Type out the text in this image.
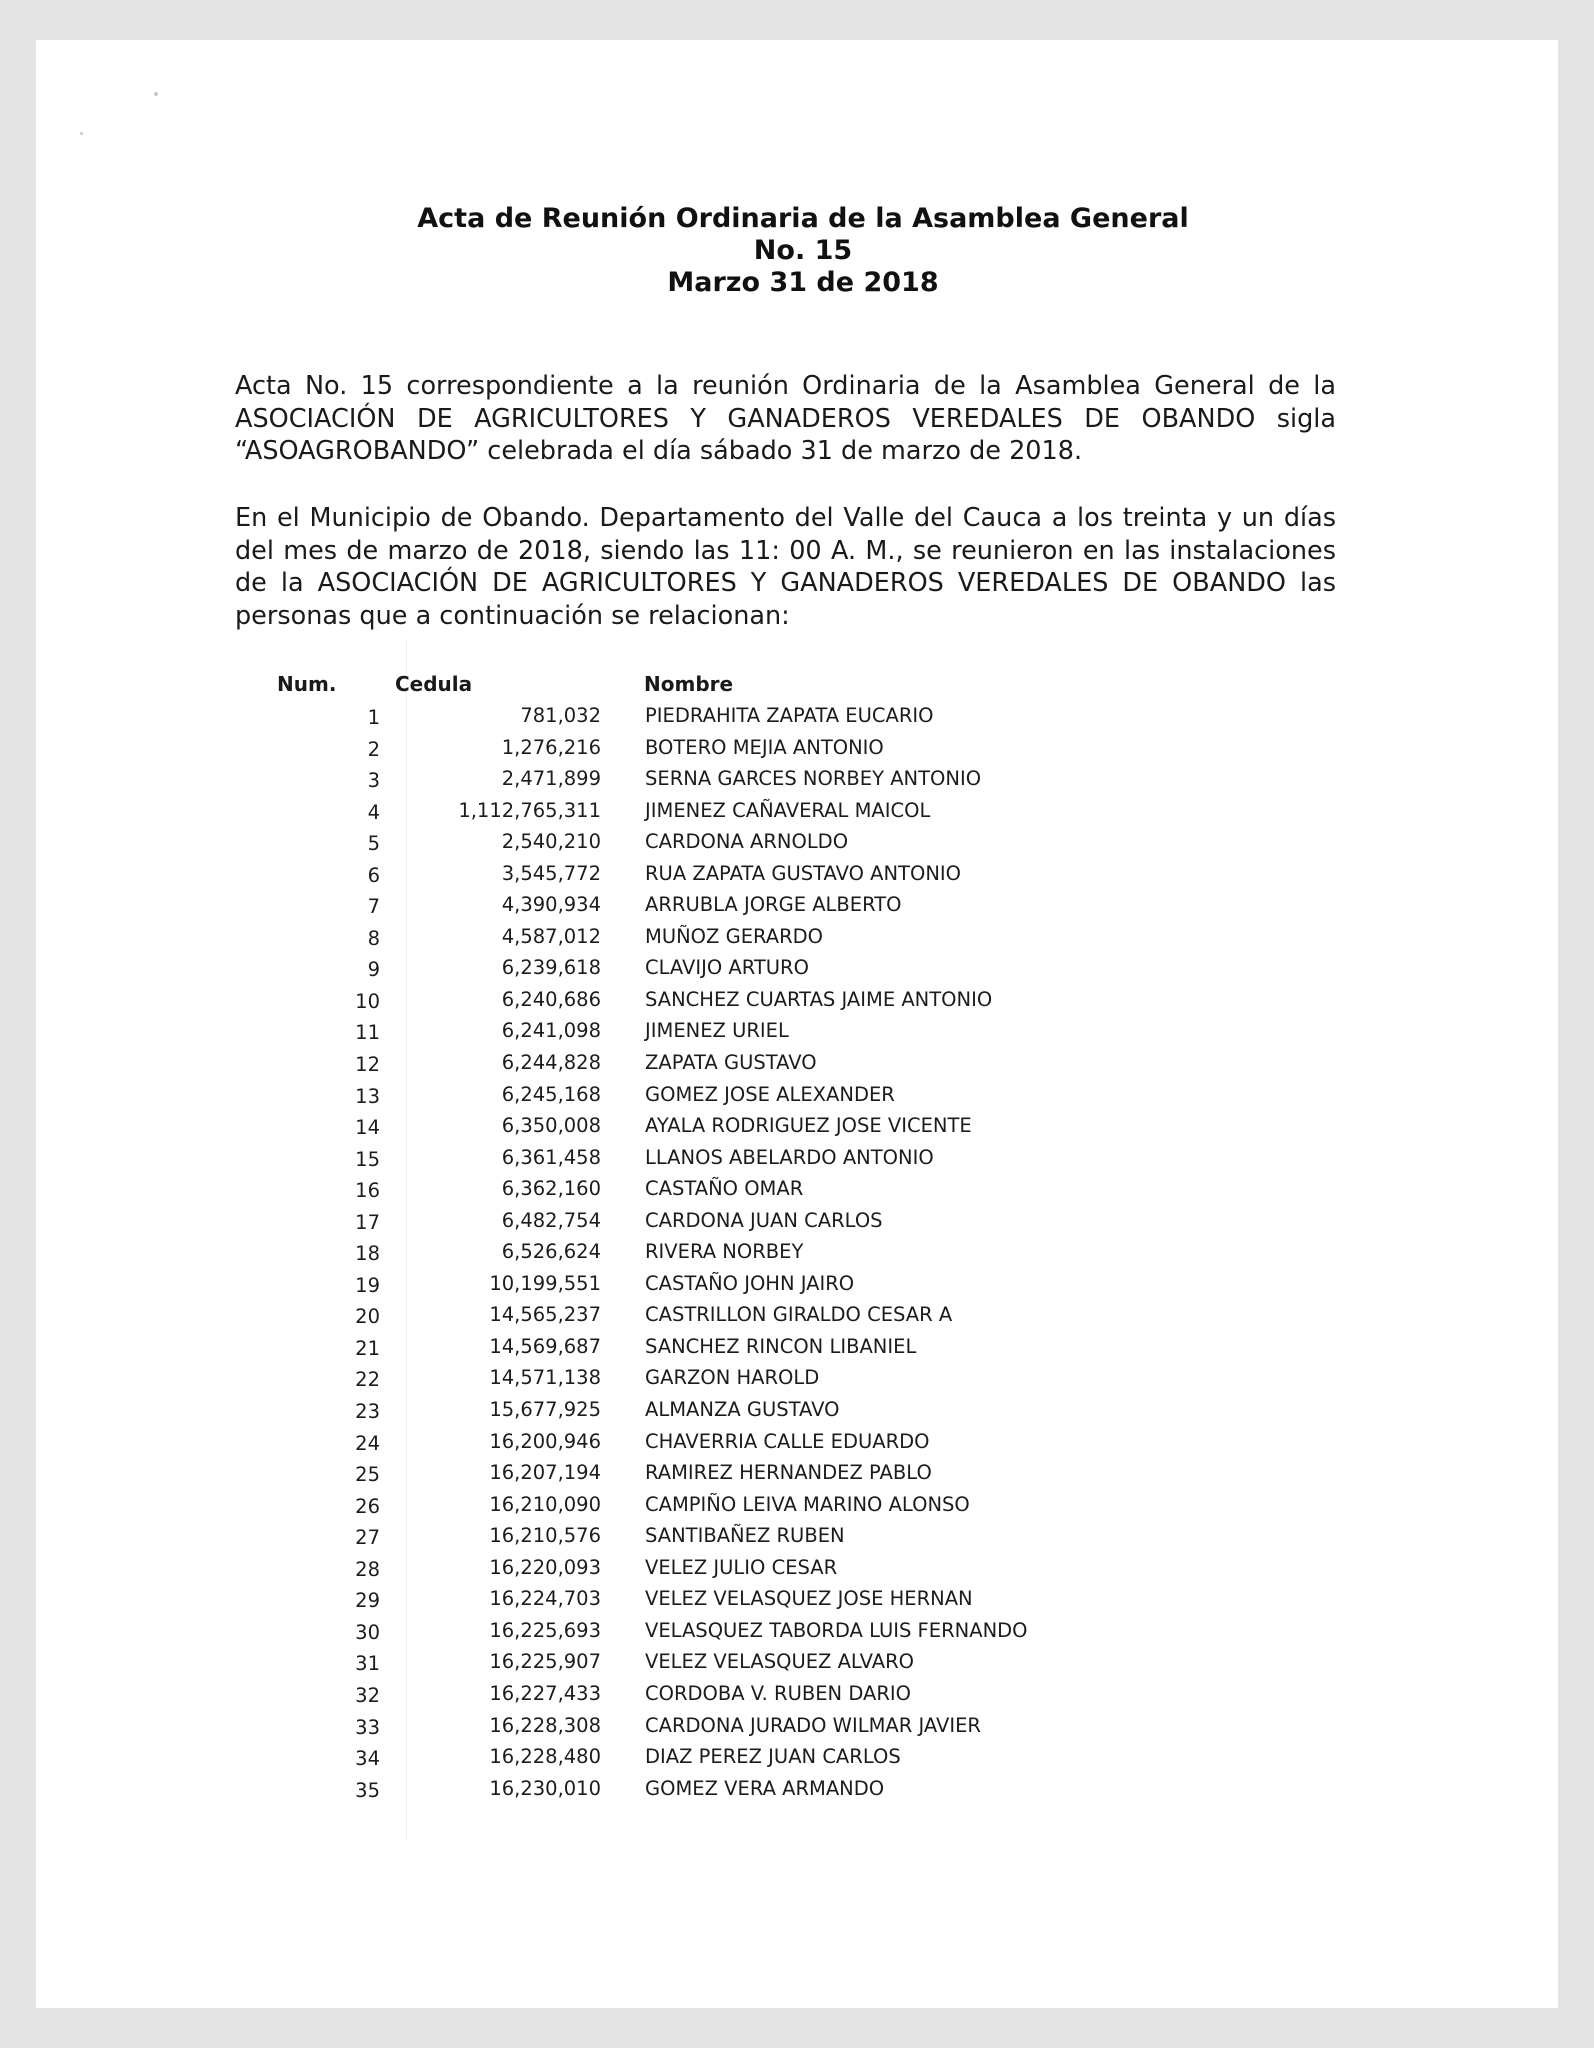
Acta de Reunión Ordinaria de la Asamblea General
No. 15
Marzo 31 de 2018
Acta No. 15 correspondiente a la reunión Ordinaria de la Asamblea General de la ASOCIACIÓN DE AGRICULTORES Y GANADEROS VEREDALES DE OBANDO sigla “ASOAGROBANDO” celebrada el día sábado 31 de marzo de 2018.
En el Municipio de Obando. Departamento del Valle del Cauca a los treinta y un días del mes de marzo de 2018, siendo las 11: 00 A. M., se reunieron en las instalaciones de la ASOCIACIÓN DE AGRICULTORES Y GANADEROS VEREDALES DE OBANDO las personas que a continuación se relacionan:
Num.	Cedula	Nombre
1	781,032 PIEDRAHITA ZAPATA EUCARIO
2	1,276,216 BOTERO MEJIA ANTONIO
3	2,471,899 SERNA GARCES NORBEY ANTONIO
4	1,112,765,311 JIMENEZ CAÑAVERAL MAICOL
5	2,540,210 CARDONA ARNOLDO
6	3,545,772 RUA ZAPATA GUSTAVO ANTONIO
7	4,390,934 ARRUBLA JORGE ALBERTO
8	4,587,012 MUÑOZ GERARDO
9	6,239,618 CLAVIJO ARTURO
10	6,240,686 SANCHEZ CUARTAS JAIME ANTONIO
11	6,241,098 JIMENEZ URIEL
12	6,244,828 ZAPATA GUSTAVO
13	6,245,168 GOMEZ JOSE ALEXANDER
14	6,350,008 AYALA RODRIGUEZ JOSE VICENTE
15	6,361,458 LLANOS ABELARDO ANTONIO
16	6,362,160 CASTAÑO OMAR
17	6,482,754 CARDONA JUAN CARLOS
18	6,526,624 RIVERA NORBEY
19	10,199,551 CASTAÑO JOHN JAIRO
20	14,565,237 CASTRILLON GIRALDO CESAR A
21	14,569,687 SANCHEZ RINCON LIBANIEL
22	14,571,138 GARZON HAROLD
23	15,677,925 ALMANZA GUSTAVO
24	16,200,946 CHAVERRIA CALLE EDUARDO
25	16,207,194 RAMIREZ HERNANDEZ PABLO
26	16,210,090 CAMPIÑO LEIVA MARINO ALONSO
27	16,210,576 SANTIBAÑEZ RUBEN
28	16,220,093 VELEZ JULIO CESAR
29	16,224,703 VELEZ VELASQUEZ JOSE HERNAN
30	16,225,693 VELASQUEZ TABORDA LUIS FERNANDO
31	16,225,907 VELEZ VELASQUEZ ALVARO
32	16,227,433 CORDOBA V. RUBEN DARIO
33	16,228,308 CARDONA JURADO WILMAR JAVIER
34	16,228,480 DIAZ PEREZ JUAN CARLOS
35	16,230,010 GOMEZ VERA ARMANDO
